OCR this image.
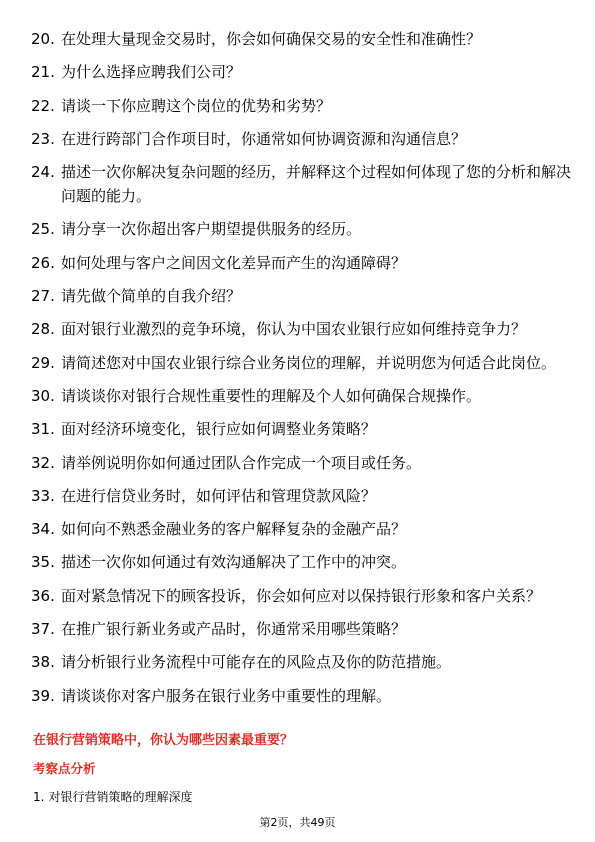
20. 在处理大量现金交易时，你会如何确保交易的安全性和准确性？
21. 为什么选择应聘我们公司？
22. 请谈一下你应聘这个岗位的优势和劣势？
23. 在进行跨部门合作项目时，你通常如何协调资源和沟通信息？
24. 描述一次你解决复杂问题的经历，并解释这个过程如何体现了您的分析和解决问题的能力。
25. 请分享一次你超出客户期望提供服务的经历。
26. 如何处理与客户之间因文化差异而产生的沟通障碍？
27. 请先做个简单的自我介绍？
28. 面对银行业激烈的竞争环境，你认为中国农业银行应如何维持竞争力？
29. 请简述您对中国农业银行综合业务岗位的理解，并说明您为何适合此岗位。
30. 请谈谈你对银行合规性重要性的理解及个人如何确保合规操作。
31. 面对经济环境变化，银行应如何调整业务策略？
32. 请举例说明你如何通过团队合作完成一个项目或任务。
33. 在进行信贷业务时，如何评估和管理贷款风险？
34. 如何向不熟悉金融业务的客户解释复杂的金融产品？
35. 描述一次你如何通过有效沟通解决了工作中的冲突。
36. 面对紧急情况下的顾客投诉，你会如何应对以保持银行形象和客户关系？
37. 在推广银行新业务或产品时，你通常采用哪些策略？
38. 请分析银行业务流程中可能存在的风险点及你的防范措施。
39. 请谈谈你对客户服务在银行业务中重要性的理解。
在银行营销策略中，你认为哪些因素最重要？
考察点分析
1. 对银行营销策略的理解深度
第2页，共49页
